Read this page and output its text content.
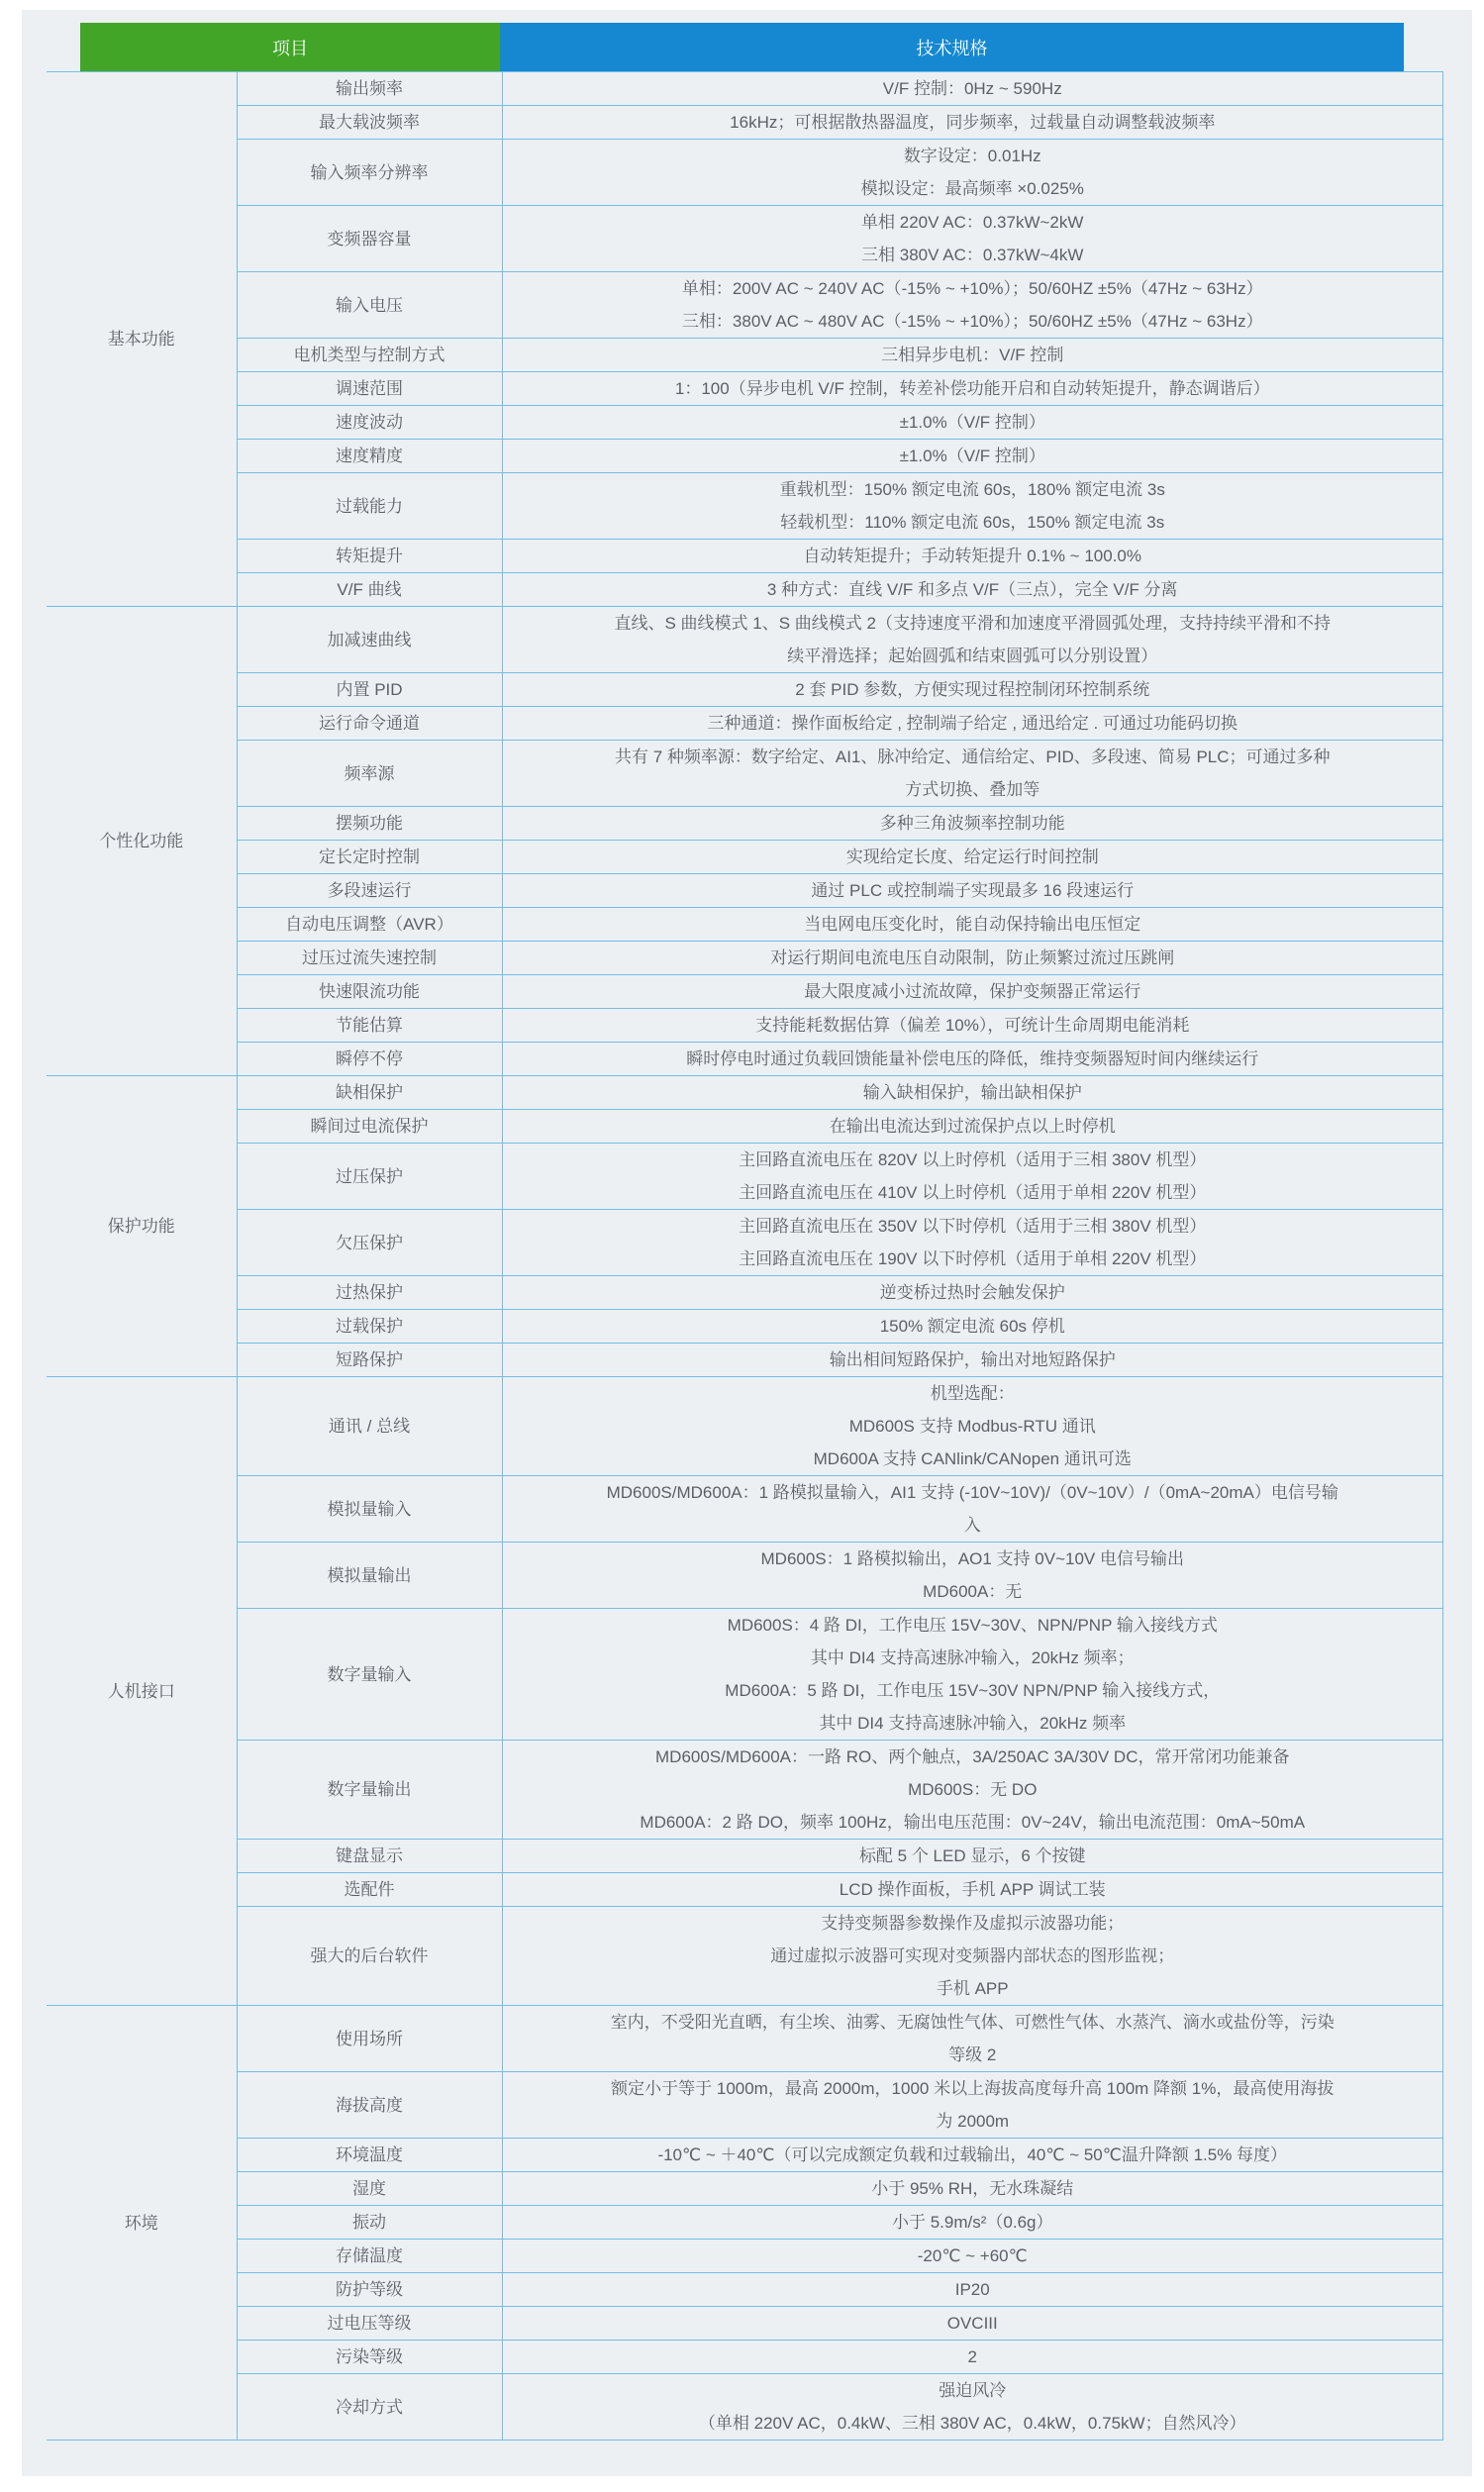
项目	技术规格
基本功能	输出频率	V/F 控制：0Hz ~ 590Hz
	最大载波频率	16kHz；可根据散热器温度，同步频率，过载量自动调整载波频率
	输入频率分辨率	数字设定：0.01Hz
模拟设定：最高频率 ×0.025%
	变频器容量	单相 220V AC：0.37kW~2kW
三相 380V AC：0.37kW~4kW
	输入电压	单相：200V AC ~ 240V AC（-15% ~ +10%）；50/60HZ ±5%（47Hz ~ 63Hz）
三相：380V AC ~ 480V AC（-15% ~ +10%）；50/60HZ ±5%（47Hz ~ 63Hz）
	电机类型与控制方式	三相异步电机：V/F 控制
	调速范围	1：100（异步电机 V/F 控制，转差补偿功能开启和自动转矩提升，静态调谐后）
	速度波动	±1.0%（V/F 控制）
	速度精度	±1.0%（V/F 控制）
	过载能力	重载机型：150% 额定电流 60s，180% 额定电流 3s
轻载机型：110% 额定电流 60s，150% 额定电流 3s
	转矩提升	自动转矩提升；手动转矩提升 0.1% ~ 100.0%
	V/F 曲线	3 种方式：直线 V/F 和多点 V/F（三点），完全 V/F 分离
个性化功能	加减速曲线	直线、S 曲线模式 1、S 曲线模式 2（支持速度平滑和加速度平滑圆弧处理，支持持续平滑和不持
续平滑选择；起始圆弧和结束圆弧可以分别设置）
	内置 PID	2 套 PID 参数，方便实现过程控制闭环控制系统
	运行命令通道	三种通道：操作面板给定 , 控制端子给定 , 通迅给定 . 可通过功能码切换
	频率源	共有 7 种频率源：数字给定、AI1、脉冲给定、通信给定、PID、多段速、简易 PLC；可通过多种
方式切换、叠加等
	摆频功能	多种三角波频率控制功能
	定长定时控制	实现给定长度、给定运行时间控制
	多段速运行	通过 PLC 或控制端子实现最多 16 段速运行
	自动电压调整（AVR）	当电网电压变化时，能自动保持输出电压恒定
	过压过流失速控制	对运行期间电流电压自动限制，防止频繁过流过压跳闸
	快速限流功能	最大限度减小过流故障，保护变频器正常运行
	节能估算	支持能耗数据估算（偏差 10%），可统计生命周期电能消耗
	瞬停不停	瞬时停电时通过负载回馈能量补偿电压的降低，维持变频器短时间内继续运行
保护功能	缺相保护	输入缺相保护，输出缺相保护
	瞬间过电流保护	在输出电流达到过流保护点以上时停机
	过压保护	主回路直流电压在 820V 以上时停机（适用于三相 380V 机型）
主回路直流电压在 410V 以上时停机（适用于单相 220V 机型）
	欠压保护	主回路直流电压在 350V 以下时停机（适用于三相 380V 机型）
主回路直流电压在 190V 以下时停机（适用于单相 220V 机型）
	过热保护	逆变桥过热时会触发保护
	过载保护	150% 额定电流 60s 停机
	短路保护	输出相间短路保护，输出对地短路保护
人机接口	通讯 / 总线	机型选配：
MD600S 支持 Modbus-RTU 通讯
MD600A 支持 CANlink/CANopen 通讯可选
	模拟量输入	MD600S/MD600A：1 路模拟量输入，AI1 支持 (-10V~10V)/（0V~10V）/（0mA~20mA）电信号输
入
	模拟量输出	MD600S：1 路模拟输出，AO1 支持 0V~10V 电信号输出
MD600A：无
	数字量输入	MD600S：4 路 DI，工作电压 15V~30V、NPN/PNP 输入接线方式
其中 DI4 支持高速脉冲输入，20kHz 频率；
MD600A：5 路 DI，工作电压 15V~30V NPN/PNP 输入接线方式，
其中 DI4 支持高速脉冲输入，20kHz 频率
	数字量输出	MD600S/MD600A：一路 RO、两个触点，3A/250AC 3A/30V DC，常开常闭功能兼备
MD600S：无 DO
MD600A：2 路 DO，频率 100Hz，输出电压范围：0V~24V，输出电流范围：0mA~50mA
	键盘显示	标配 5 个 LED 显示，6 个按键
	选配件	LCD 操作面板，手机 APP 调试工装
	强大的后台软件	支持变频器参数操作及虚拟示波器功能；
通过虚拟示波器可实现对变频器内部状态的图形监视；
手机 APP
环境	使用场所	室内，不受阳光直晒，有尘埃、油雾、无腐蚀性气体、可燃性气体、水蒸汽、滴水或盐份等，污染
等级 2
	海拔高度	额定小于等于 1000m，最高 2000m，1000 米以上海拔高度每升高 100m 降额 1%，最高使用海拔
为 2000m
	环境温度	-10℃ ~ ＋40℃（可以完成额定负载和过载输出，40℃ ~ 50℃温升降额 1.5% 每度）
	湿度	小于 95% RH，无水珠凝结
	振动	小于 5.9m/s²（0.6g）
	存储温度	-20℃ ~ +60℃
	防护等级	IP20
	过电压等级	OVCIII
	污染等级	2
	冷却方式	强迫风冷
（单相 220V AC，0.4kW、三相 380V AC，0.4kW，0.75kW；自然风冷）
